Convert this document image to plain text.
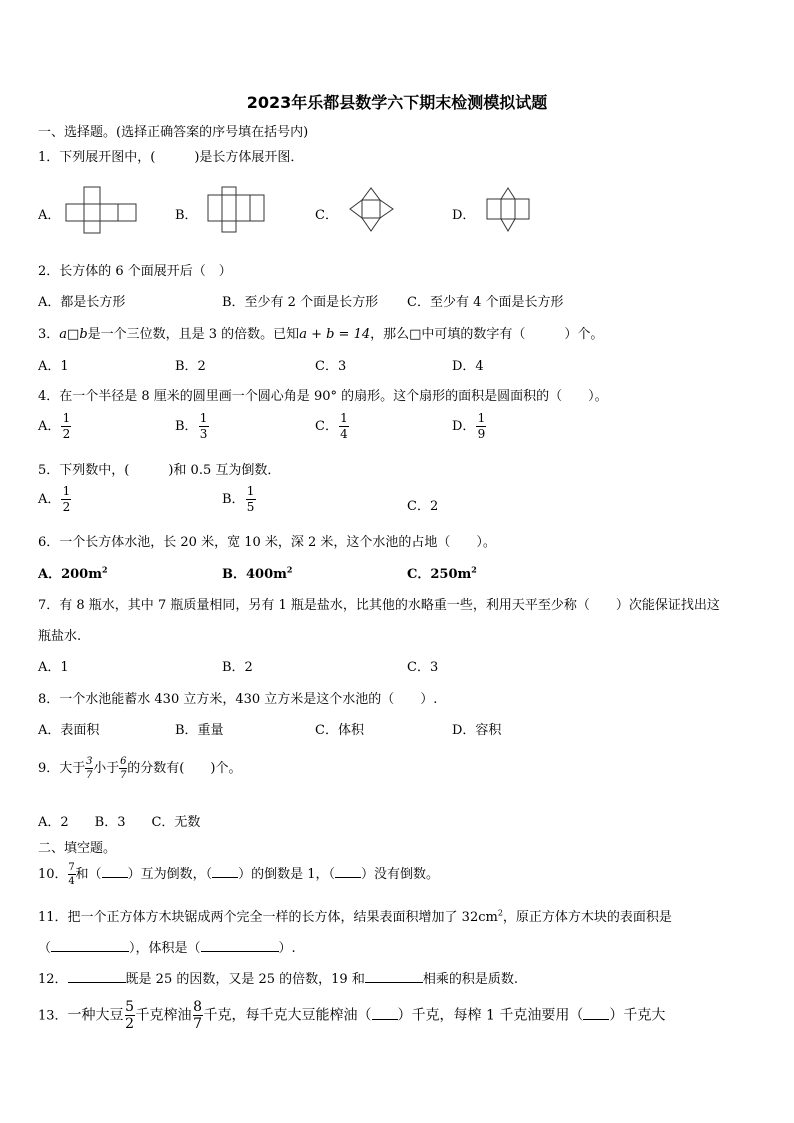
2023年乐都县数学六下期末检测模拟试题
一、选择题。(选择正确答案的序号填在括号内)
1．下列展开图中，(　　　)是长方体展开图．
A．	B．	C．	D．
2．长方体的 6 个面展开后（　）
A．都是长方形	B．至少有 2 个面是长方形 C．至少有 4 个面是长方形
3．a□b是一个三位数，且是 3 的倍数。已知a + b = 14，那么□中可填的数字有（　　　）个。
A．1	B．2	C．3	D．4
4．在一个半径是 8 厘米的圆里画一个圆心角是 90° 的扇形。这个扇形的面积是圆面积的（　　）。
A． $\frac{1}{2}$	B． $\frac{1}{3}$	C． $\frac{1}{4}$	D． $\frac{1}{9}$
5．下列数中，(　　　)和 0.5 互为倒数．
A． $\frac{1}{2}$	B． $\frac{1}{5}$	C．2
6．一个长方体水池，长 20 米，宽 10 米，深 2 米，这个水池的占地（　　）。
A．$200m^2$	B．$400m^2$	C．$250m^2$
7．有 8 瓶水，其中 7 瓶质量相同，另有 1 瓶是盐水，比其他的水略重一些，利用天平至少称（　　）次能保证找出这
瓶盐水.
A．1	B．2	C．3
8．一个水池能蓄水 430 立方米，430 立方米是这个水池的（　　）.
A．表面积	B．重量	C．体积	D．容积
9．大于 $\frac{3}{7}$ 小于 $\frac{6}{7}$ 的分数有(　　)个。
A．2　　B．3　　C．无数
二、填空题。
10． $\frac{7}{4}$ 和（ ）互为倒数，（ ）的倒数是 1，（ ）没有倒数。
11．把一个正方体方木块锯成两个完全一样的长方体，结果表面积增加了 $32cm^2$，原正方体方木块的表面积是
（	），体积是（	）.
12．	既是 25 的因数，又是 25 的倍数，19 和	相乘的积是质数.
13．一种大豆 $\frac{5}{2}$ 千克榨油 $\frac{8}{7}$ 千克，每千克大豆能榨油（ ）千克，每榨 1 千克油要用（ ）千克大
